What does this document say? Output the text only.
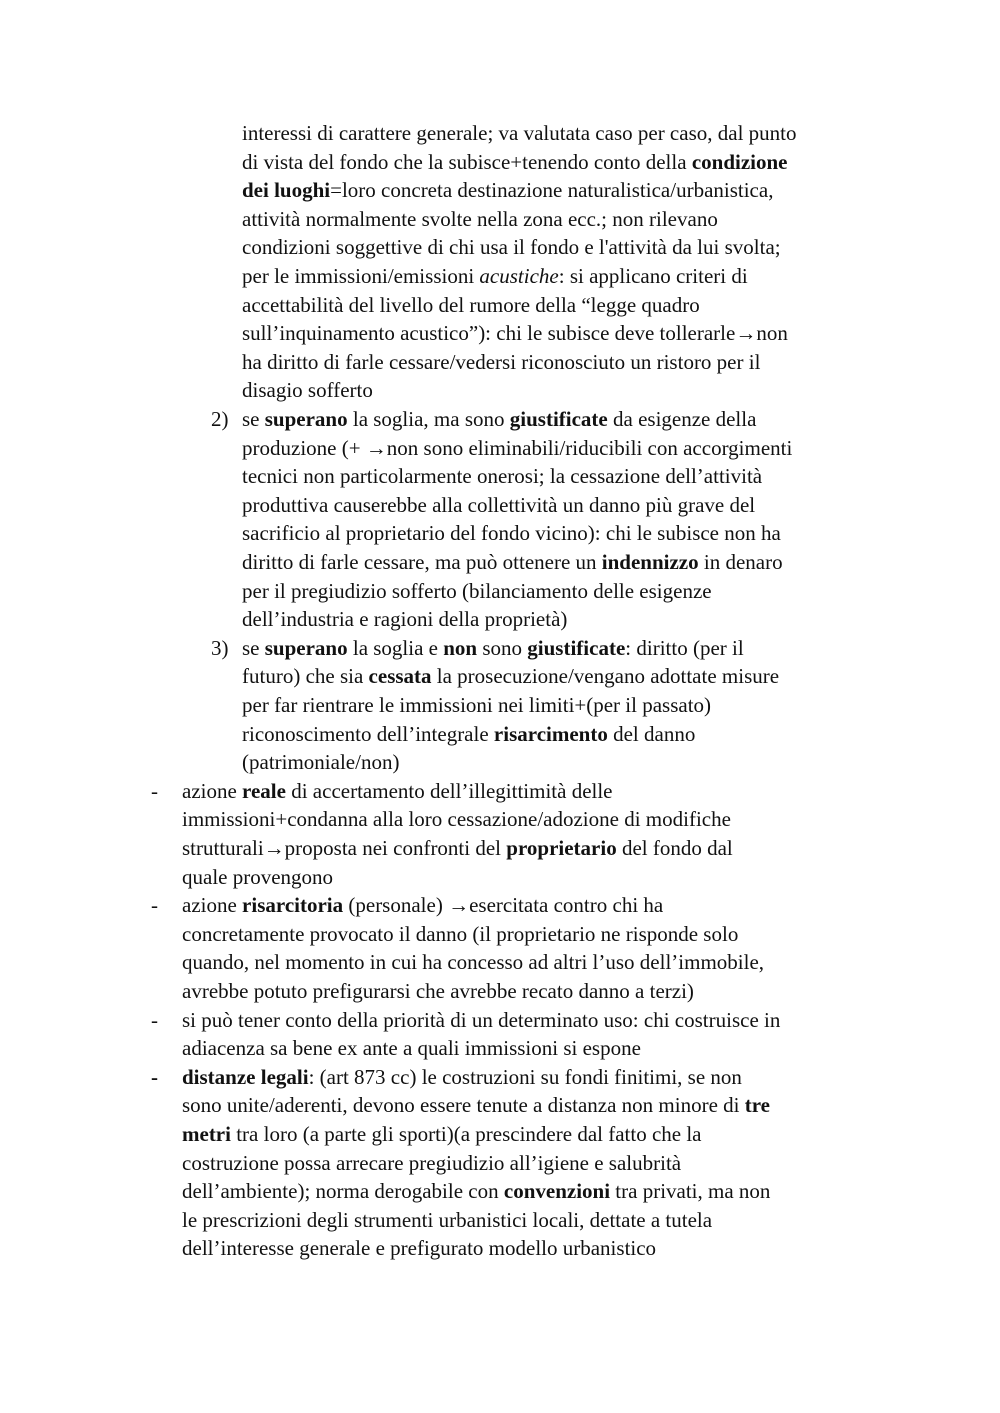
interessi di carattere generale; va valutata caso per caso, dal punto
di vista del fondo che la subisce+tenendo conto della condizione
dei luoghi=loro concreta destinazione naturalistica/urbanistica,
attività normalmente svolte nella zona ecc.; non rilevano
condizioni soggettive di chi usa il fondo e l'attività da lui svolta;
per le immissioni/emissioni acustiche: si applicano criteri di
accettabilità del livello del rumore della “legge quadro
sull’inquinamento acustico”): chi le subisce deve tollerarle→non
ha diritto di farle cessare/vedersi riconosciuto un ristoro per il
disagio sofferto
2) se superano la soglia, ma sono giustificate da esigenze della
produzione (+ →non sono eliminabili/riducibili con accorgimenti
tecnici non particolarmente onerosi; la cessazione dell’attività
produttiva causerebbe alla collettività un danno più grave del
sacrificio al proprietario del fondo vicino): chi le subisce non ha
diritto di farle cessare, ma può ottenere un indennizzo in denaro
per il pregiudizio sofferto (bilanciamento delle esigenze
dell’industria e ragioni della proprietà)
3) se superano la soglia e non sono giustificate: diritto (per il
futuro) che sia cessata la prosecuzione/vengano adottate misure
per far rientrare le immissioni nei limiti+(per il passato)
riconoscimento dell’integrale risarcimento del danno
(patrimoniale/non)
- azione reale di accertamento dell’illegittimità delle
immissioni+condanna alla loro cessazione/adozione di modifiche
strutturali→proposta nei confronti del proprietario del fondo dal
quale provengono
- azione risarcitoria (personale) →esercitata contro chi ha
concretamente provocato il danno (il proprietario ne risponde solo
quando, nel momento in cui ha concesso ad altri l’uso dell’immobile,
avrebbe potuto prefigurarsi che avrebbe recato danno a terzi)
- si può tener conto della priorità di un determinato uso: chi costruisce in
adiacenza sa bene ex ante a quali immissioni si espone
- distanze legali: (art 873 cc) le costruzioni su fondi finitimi, se non
sono unite/aderenti, devono essere tenute a distanza non minore di tre
metri tra loro (a parte gli sporti)(a prescindere dal fatto che la
costruzione possa arrecare pregiudizio all’igiene e salubrità
dell’ambiente); norma derogabile con convenzioni tra privati, ma non
le prescrizioni degli strumenti urbanistici locali, dettate a tutela
dell’interesse generale e prefigurato modello urbanistico
